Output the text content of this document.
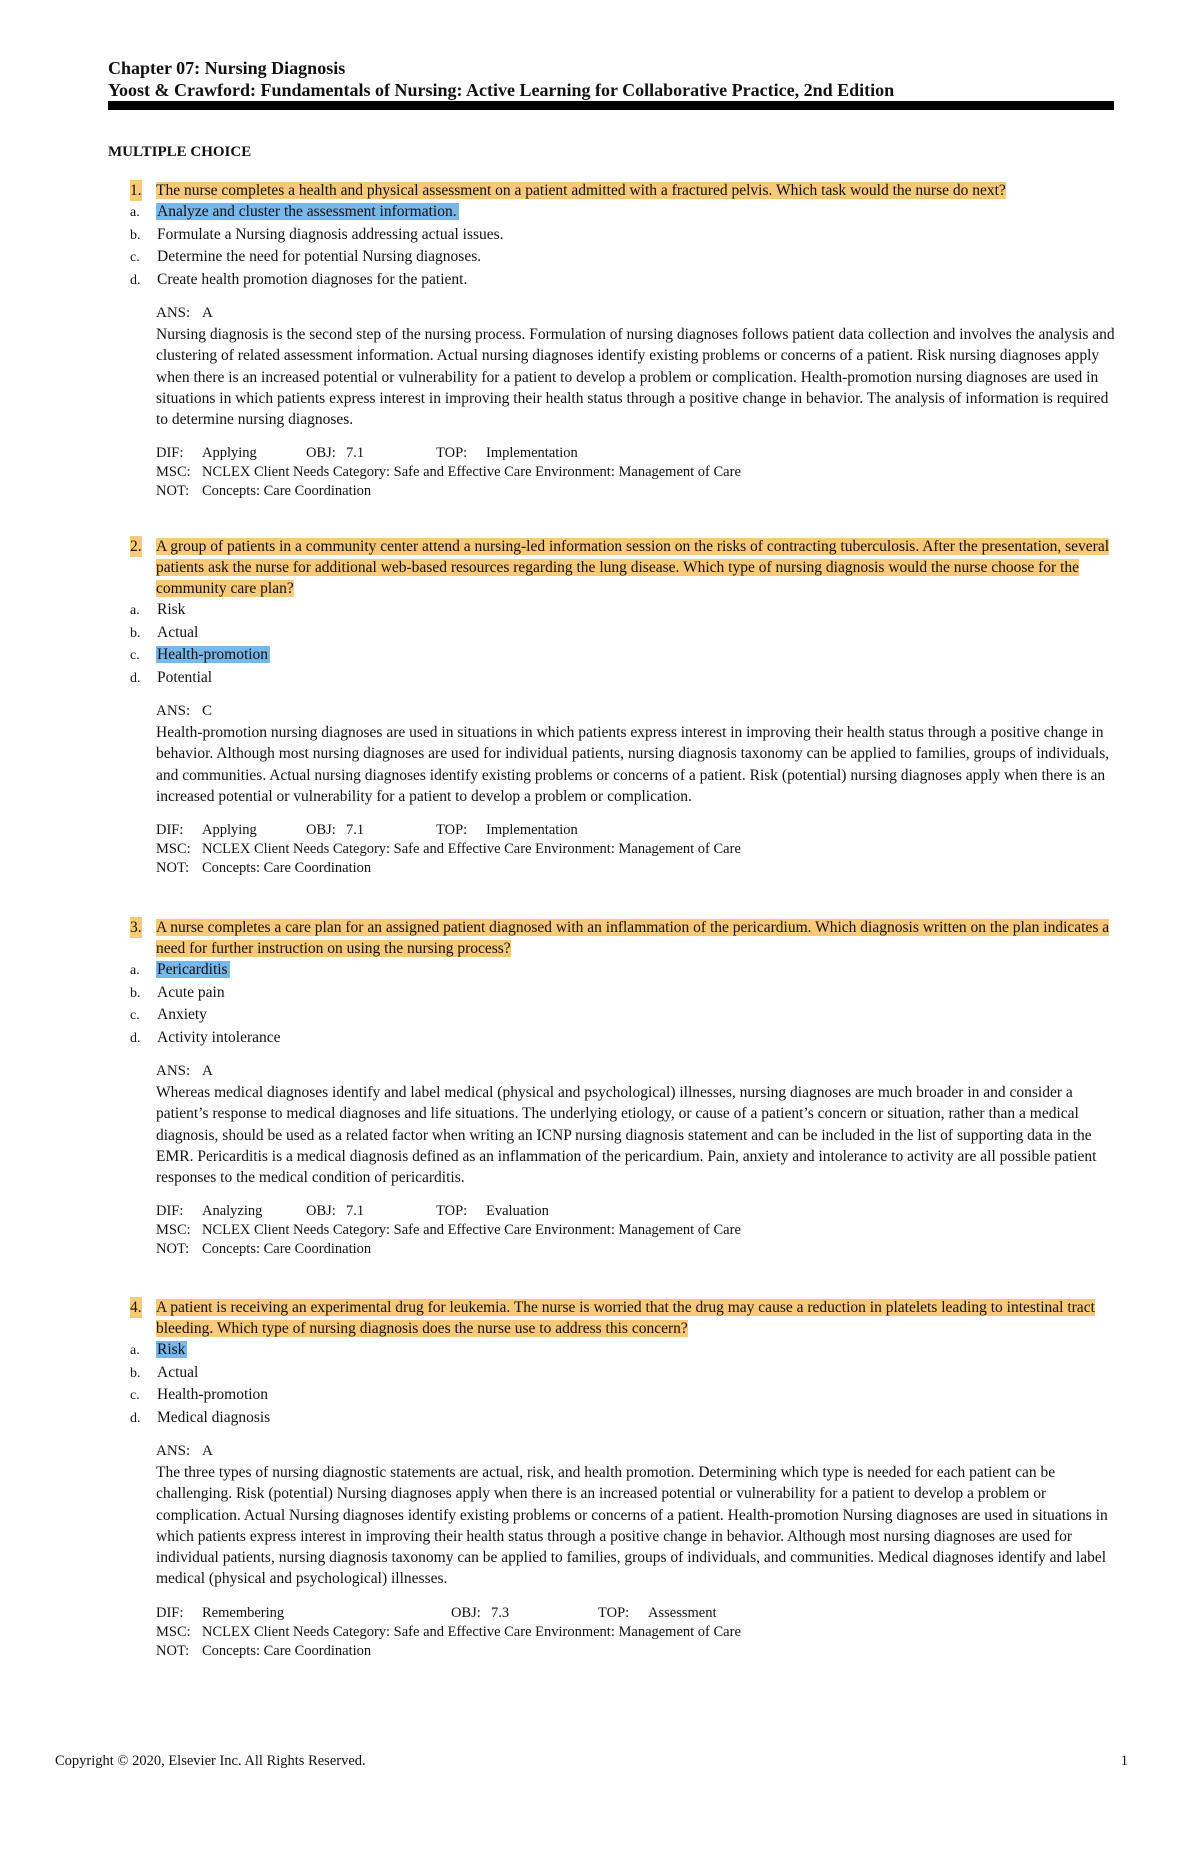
Chapter 07: Nursing Diagnosis
Yoost & Crawford: Fundamentals of Nursing: Active Learning for Collaborative Practice, 2nd Edition
MULTIPLE CHOICE
1. The nurse completes a health and physical assessment on a patient admitted with a fractured pelvis. Which task would the nurse do next?
a. Analyze and cluster the assessment information.
b. Formulate a Nursing diagnosis addressing actual issues.
c. Determine the need for potential Nursing diagnoses.
d. Create health promotion diagnoses for the patient.
ANS: A
Nursing diagnosis is the second step of the nursing process. Formulation of nursing diagnoses follows patient data collection and involves the analysis and clustering of related assessment information. Actual nursing diagnoses identify existing problems or concerns of a patient. Risk nursing diagnoses apply when there is an increased potential or vulnerability for a patient to develop a problem or complication. Health-promotion nursing diagnoses are used in situations in which patients express interest in improving their health status through a positive change in behavior. The analysis of information is required to determine nursing diagnoses.
DIF: Applying	OBJ: 7.1	TOP: Implementation
MSC: NCLEX Client Needs Category: Safe and Effective Care Environment: Management of Care
NOT: Concepts: Care Coordination
2. A group of patients in a community center attend a nursing-led information session on the risks of contracting tuberculosis. After the presentation, several patients ask the nurse for additional web-based resources regarding the lung disease. Which type of nursing diagnosis would the nurse choose for the community care plan?
a. Risk
b. Actual
c. Health-promotion
d. Potential
ANS: C
Health-promotion nursing diagnoses are used in situations in which patients express interest in improving their health status through a positive change in behavior. Although most nursing diagnoses are used for individual patients, nursing diagnosis taxonomy can be applied to families, groups of individuals, and communities. Actual nursing diagnoses identify existing problems or concerns of a patient. Risk (potential) nursing diagnoses apply when there is an increased potential or vulnerability for a patient to develop a problem or complication.
DIF: Applying	OBJ: 7.1	TOP: Implementation
MSC: NCLEX Client Needs Category: Safe and Effective Care Environment: Management of Care
NOT: Concepts: Care Coordination
3. A nurse completes a care plan for an assigned patient diagnosed with an inflammation of the pericardium. Which diagnosis written on the plan indicates a need for further instruction on using the nursing process?
a. Pericarditis
b. Acute pain
c. Anxiety
d. Activity intolerance
ANS: A
Whereas medical diagnoses identify and label medical (physical and psychological) illnesses, nursing diagnoses are much broader in and consider a patient’s response to medical diagnoses and life situations. The underlying etiology, or cause of a patient’s concern or situation, rather than a medical diagnosis, should be used as a related factor when writing an ICNP nursing diagnosis statement and can be included in the list of supporting data in the EMR. Pericarditis is a medical diagnosis defined as an inflammation of the pericardium. Pain, anxiety and intolerance to activity are all possible patient responses to the medical condition of pericarditis.
DIF: Analyzing	OBJ: 7.1	TOP: Evaluation
MSC: NCLEX Client Needs Category: Safe and Effective Care Environment: Management of Care
NOT: Concepts: Care Coordination
4. A patient is receiving an experimental drug for leukemia. The nurse is worried that the drug may cause a reduction in platelets leading to intestinal tract bleeding. Which type of nursing diagnosis does the nurse use to address this concern?
a. Risk
b. Actual
c. Health-promotion
d. Medical diagnosis
ANS: A
The three types of nursing diagnostic statements are actual, risk, and health promotion. Determining which type is needed for each patient can be challenging. Risk (potential) Nursing diagnoses apply when there is an increased potential or vulnerability for a patient to develop a problem or complication. Actual Nursing diagnoses identify existing problems or concerns of a patient. Health-promotion Nursing diagnoses are used in situations in which patients express interest in improving their health status through a positive change in behavior. Although most nursing diagnoses are used for individual patients, nursing diagnosis taxonomy can be applied to families, groups of individuals, and communities. Medical diagnoses identify and label medical (physical and psychological) illnesses.
DIF: Remembering	OBJ: 7.3	TOP: Assessment
MSC: NCLEX Client Needs Category: Safe and Effective Care Environment: Management of Care
NOT: Concepts: Care Coordination
Copyright © 2020, Elsevier Inc. All Rights Reserved.	1
